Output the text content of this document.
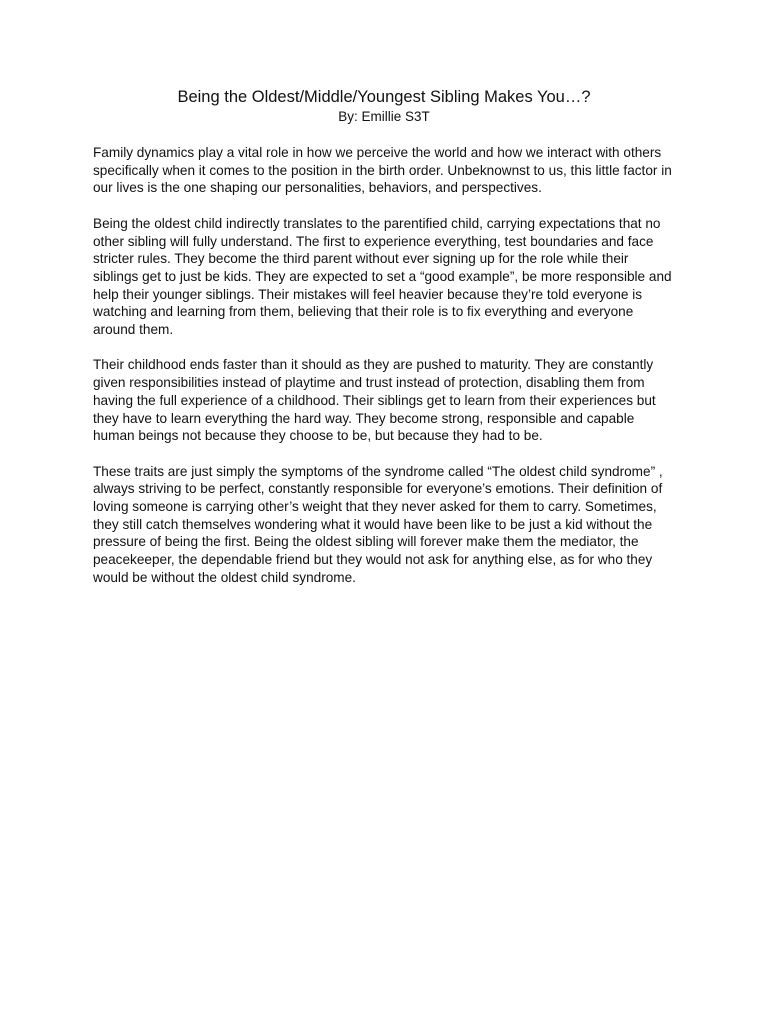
Being the Oldest/Middle/Youngest Sibling Makes You…?
By: Emillie S3T

Family dynamics play a vital role in how we perceive the world and how we interact with others specifically when it comes to the position in the birth order. Unbeknownst to us, this little factor in our lives is the one shaping our personalities, behaviors, and perspectives.

Being the oldest child indirectly translates to the parentified child, carrying expectations that no other sibling will fully understand. The first to experience everything, test boundaries and face stricter rules. They become the third parent without ever signing up for the role while their siblings get to just be kids. They are expected to set a “good example”, be more responsible and help their younger siblings. Their mistakes will feel heavier because they’re told everyone is watching and learning from them, believing that their role is to fix everything and everyone around them.

Their childhood ends faster than it should as they are pushed to maturity. They are constantly given responsibilities instead of playtime and trust instead of protection, disabling them from having the full experience of a childhood. Their siblings get to learn from their experiences but they have to learn everything the hard way. They become strong, responsible and capable human beings not because they choose to be, but because they had to be.

These traits are just simply the symptoms of the syndrome called “The oldest child syndrome” , always striving to be perfect, constantly responsible for everyone’s emotions. Their definition of loving someone is carrying other’s weight that they never asked for them to carry. Sometimes, they still catch themselves wondering what it would have been like to be just a kid without the pressure of being the first. Being the oldest sibling will forever make them the mediator, the peacekeeper, the dependable friend but they would not ask for anything else, as for who they would be without the oldest child syndrome.
